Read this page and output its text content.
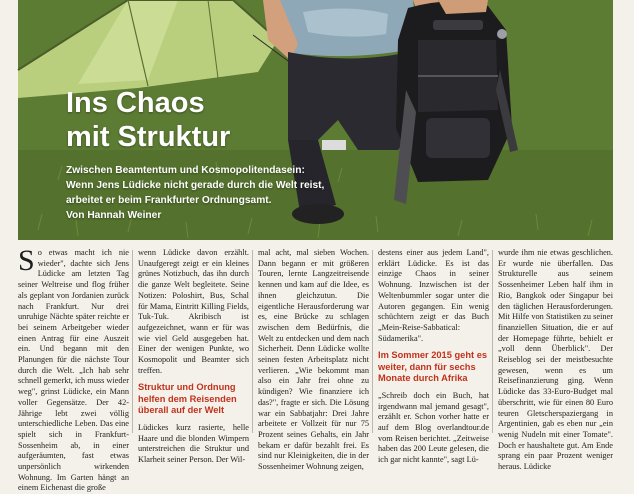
Ins Chaos
mit Struktur
Zwischen Beamtentum und Kosmopolitendasein:
Wenn Jens Lüdicke nicht gerade durch die Welt reist,
arbeitet er beim Frankfurter Ordnungsamt.
Von Hannah Weiner
S o etwas macht ich nie wieder", dachte sich Jens Lüdicke am letzten Tag seiner Weltreise und flog früher als geplant von Jordanien zurück nach Frankfurt. Nur drei unruhige Nächte später reichte er bei seinem Arbeitgeber wieder einen Antrag für eine Auszeit ein. Und begann mit den Planungen für die nächste Tour durch die Welt. „Ich hab sehr schnell gemerkt, ich muss wieder weg", grinst Lüdicke, ein Mann voller Gegensätze. Der 42-Jährige lebt zwei völlig unterschiedliche Leben. Das eine spielt sich in Frankfurt-Sossenheim ab, in einer aufgeräumten, fast etwas unpersönlich wirkenden Wohnung. Im Garten hängt an einem Eichenast die große

wenn Lüdicke davon erzählt. Unaufgeregt zeigt er ein kleines grünes Notizbuch, das ihn durch die ganze Welt begleitete. Seine Notizen: Poloshirt, Bus, Schal für Mama, Eintritt Killing Fields, Tuk-Tuk. Akribisch ist aufgezeichnet, wann er für was wie viel Geld ausgegeben hat. Einer der wenigen Punkte, wo Kosmopolit und Beamter sich treffen.

Struktur und Ordnung helfen dem Reisenden überall auf der Welt

Lüdickes kurz rasierte, helle Haare und die blonden Wimpern unterstreichen die Struktur und Klarheit seiner Person. Der Wil-

mal acht, mal sieben Wochen. Dann begann er mit größeren Touren, lernte Langzeitreisende kennen und kam auf die Idee, es ihnen gleichzutun. Die eigentliche Herausforderung war es, eine Brücke zu schlagen zwischen dem Bedürfnis, die Welt zu entdecken und dem nach Sicherheit. Denn Lüdicke wollte seinen festen Arbeitsplatz nicht verlieren. „Wie bekommt man also ein Jahr frei ohne zu kündigen? Wie finanziere ich das?", fragte er sich. Die Lösung war ein Sabbatjahr: Drei Jahre arbeitete er Vollzeit für nur 75 Prozent seines Gehalts, ein Jahr bekam er dafür bezahlt frei. Es sind nur Kleinigkeiten, die in der Sossenheimer Wohnung zeigen,

destens einer aus jedem Land", erklärt Lüdicke. Es ist das einzige Chaos in seiner Wohnung. Inzwischen ist der Weltenbummler sogar unter die Autoren gegangen. Ein wenig schüchtern zeigt er das Buch „Mein-Reise-Sabbatical: Südamerika".

Im Sommer 2015 geht es weiter, dann für sechs Monate durch Afrika

„Schreib doch ein Buch, hat irgendwann mal jemand gesagt", erzählt er. Schon vorher hatte er auf dem Blog overlandtour.de vom Reisen berichtet. „Zeitweise haben das 200 Leute gelesen, die ich gar nicht kannte", sagt Lü-

wurde ihm nie etwas geschlichen. Er wurde nie überfallen. Das Strukturelle aus seinem Sossenheimer Leben half ihm in Rio, Bangkok oder Singapur bei den täglichen Herausforderungen. Mit Hilfe von Statistiken zu seiner finanziellen Situation, die er auf der Homepage führte, behielt er „voll denn Überblick". Der Reiseblog sei der meistbesuchte gewesen, wenn es um Reisefinanzierung ging. Wenn Lüdicke das 33-Euro-Budget mal überschritt, wie für einen 80 Euro teuren Gletscherspaziergang in Argentinien, gab es eben nur „ein wenig Nudeln mit einer Tomate". Doch er haushaltete gut. Am Ende sprang ein paar Prozent weniger heraus. Lüdicke
